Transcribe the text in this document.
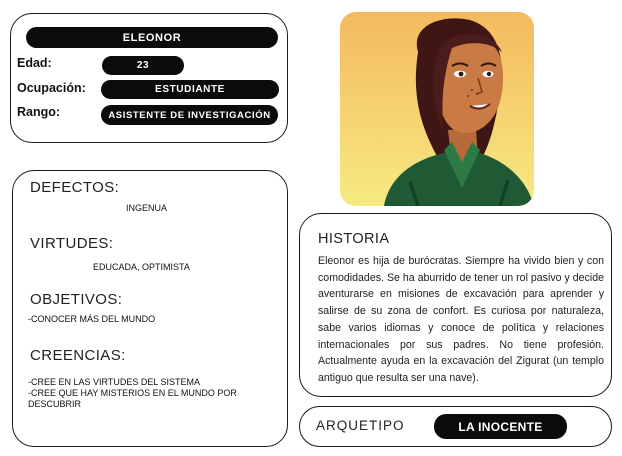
ELEONOR
Edad:	23
Ocupación:	ESTUDIANTE
Rango:	ASISTENTE DE INVESTIGACIÓN
DEFECTOS:
INGENUA
VIRTUDES:
EDUCADA, OPTIMISTA
OBJETIVOS:
-CONOCER MÁS DEL MUNDO
CREENCIAS:
-CREE EN LAS VIRTUDES DEL SISTEMA
-CREE QUE HAY MISTERIOS EN EL MUNDO POR
DESCUBRIR
HISTORIA
Eleonor es hija de burócratas. Siempre ha vivido bien y con comodidades. Se ha aburrido de tener un rol pasivo y decide aventurarse en misiones de excavación para aprender y salirse de su zona de confort. Es curiosa por naturaleza, sabe varios idiomas y conoce de política y relaciones internacionales por sus padres. No tiene profesión. Actualmente ayuda en la excavación del Zigurat (un templo antiguo que resulta ser una nave).
ARQUETIPO	LA INOCENTE
